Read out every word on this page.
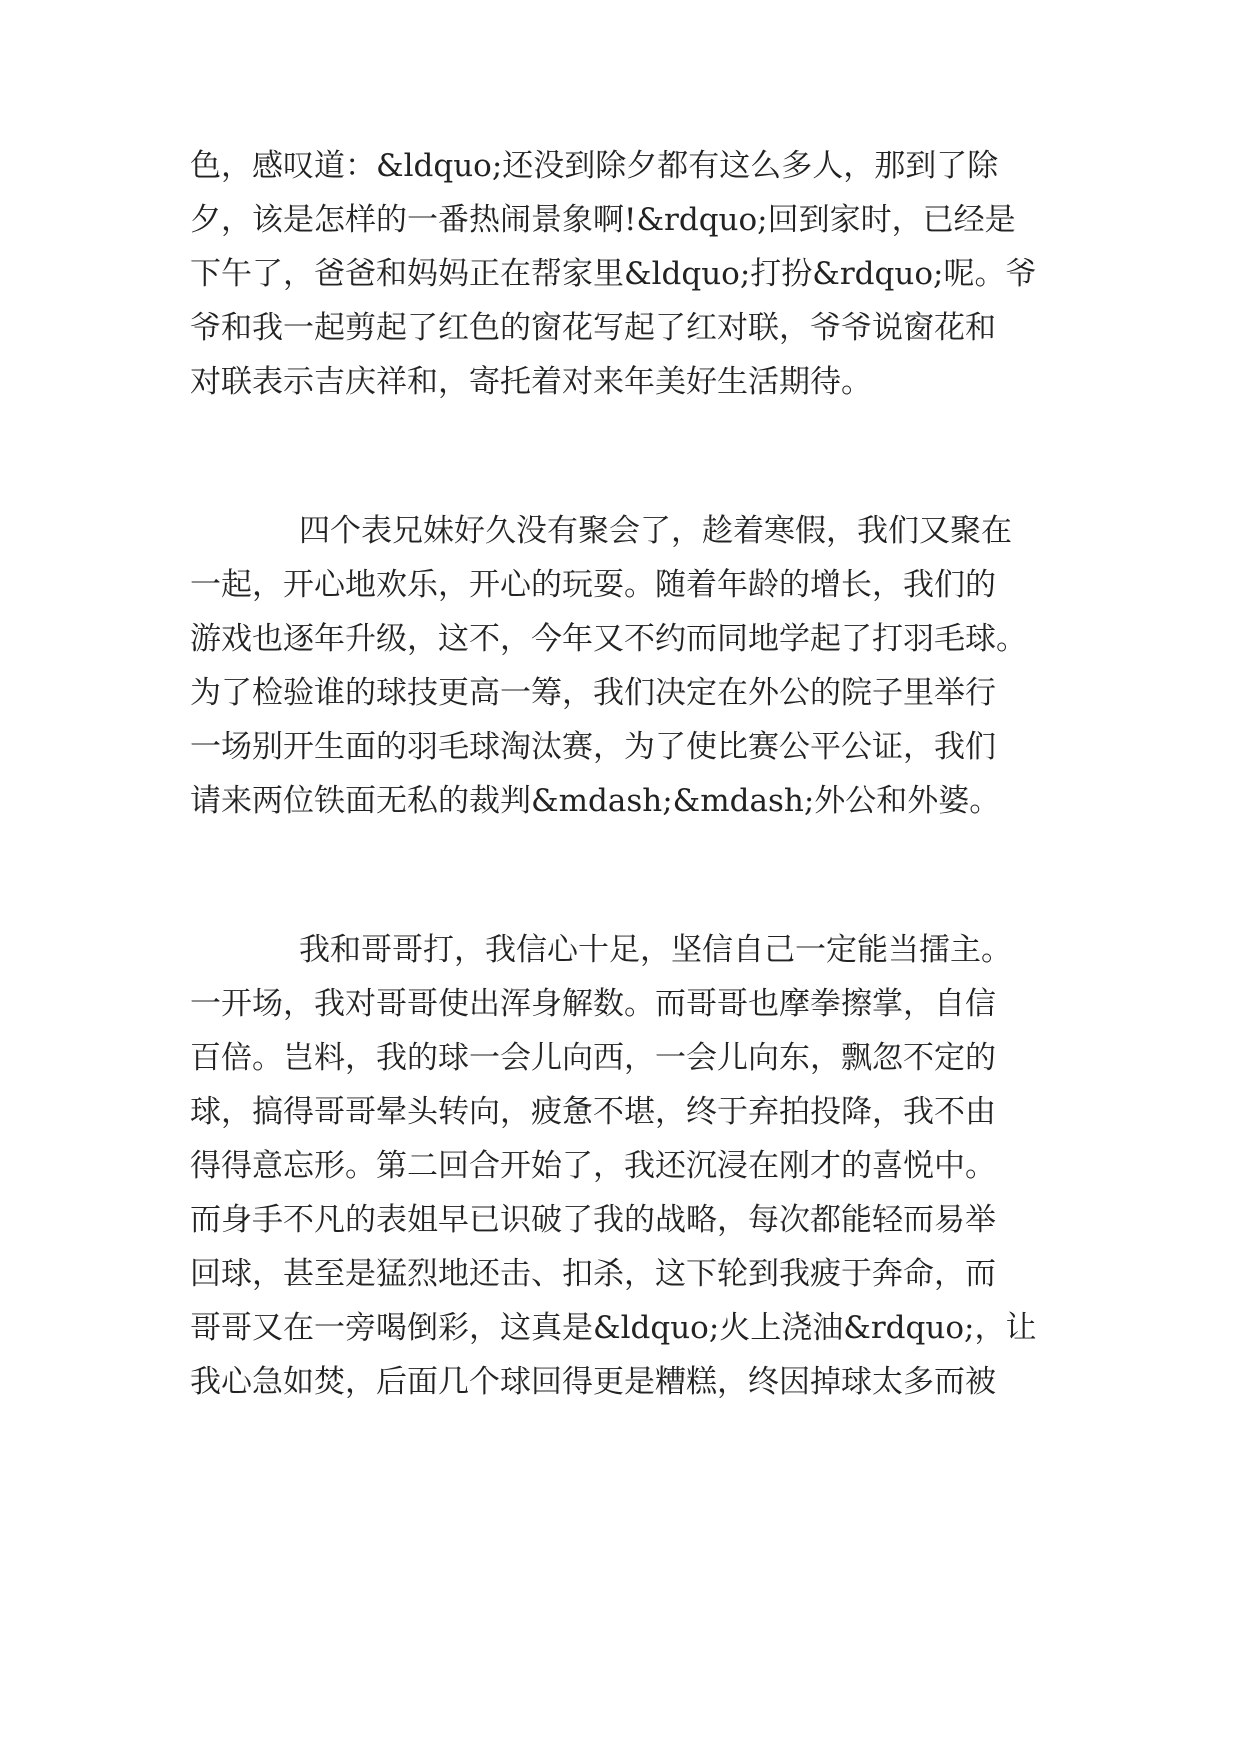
色，感叹道：&ldquo;还没到除夕都有这么多人，那到了除

夕，该是怎样的一番热闹景象啊!&rdquo;回到家时，已经是

下午了，爸爸和妈妈正在帮家里&ldquo;打扮&rdquo;呢。爷

爷和我一起剪起了红色的窗花写起了红对联，爷爷说窗花和

对联表示吉庆祥和，寄托着对来年美好生活期待。

四个表兄妹好久没有聚会了，趁着寒假，我们又聚在

一起，开心地欢乐，开心的玩耍。随着年龄的增长，我们的

游戏也逐年升级，这不，今年又不约而同地学起了打羽毛球。

为了检验谁的球技更高一筹，我们决定在外公的院子里举行

一场别开生面的羽毛球淘汰赛，为了使比赛公平公证，我们

请来两位铁面无私的裁判&mdash;&mdash;外公和外婆。

我和哥哥打，我信心十足，坚信自己一定能当擂主。

一开场，我对哥哥使出浑身解数。而哥哥也摩拳擦掌，自信

百倍。岂料，我的球一会儿向西，一会儿向东，飘忽不定的

球，搞得哥哥晕头转向，疲惫不堪，终于弃拍投降，我不由

得得意忘形。第二回合开始了，我还沉浸在刚才的喜悦中。

而身手不凡的表姐早已识破了我的战略，每次都能轻而易举

回球，甚至是猛烈地还击、扣杀，这下轮到我疲于奔命，而

哥哥又在一旁喝倒彩，这真是&ldquo;火上浇油&rdquo;，让

我心急如焚，后面几个球回得更是糟糕，终因掉球太多而被
